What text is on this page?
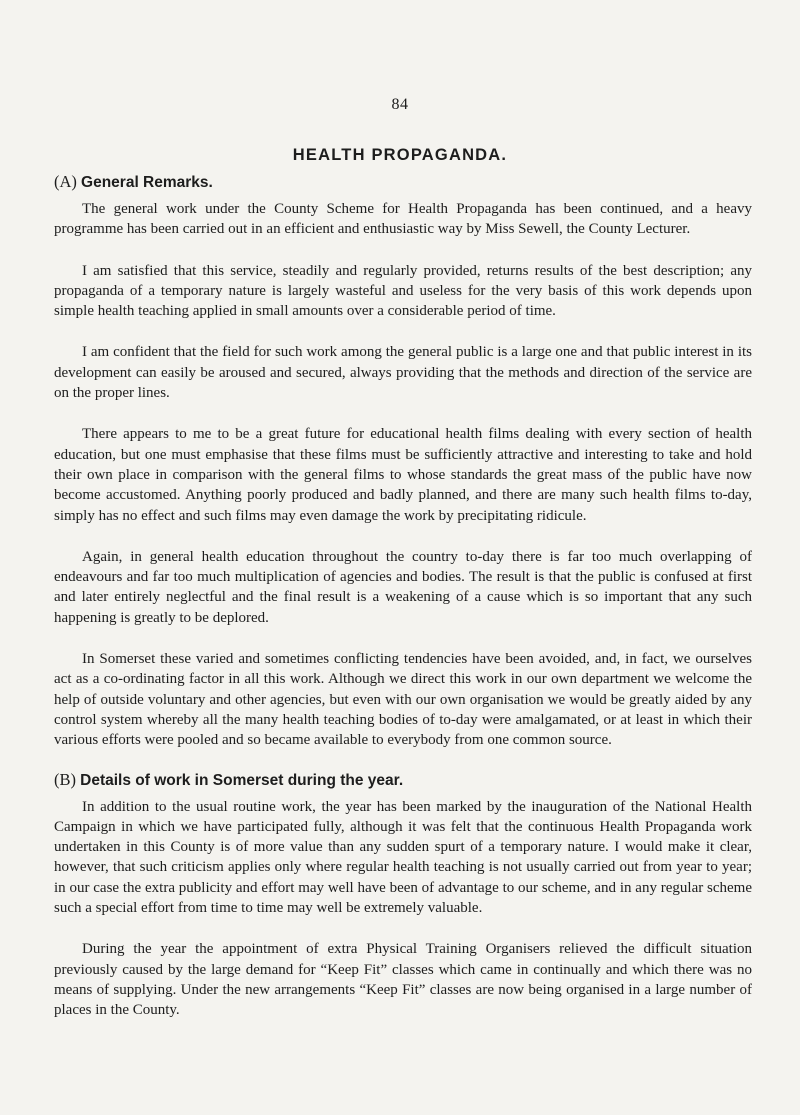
84
HEALTH PROPAGANDA.
(A) General Remarks.

The general work under the County Scheme for Health Propaganda has been continued, and a heavy programme has been carried out in an efficient and enthusiastic way by Miss Sewell, the County Lecturer.

I am satisfied that this service, steadily and regularly provided, returns results of the best description; any propaganda of a temporary nature is largely wasteful and useless for the very basis of this work depends upon simple health teaching applied in small amounts over a considerable period of time.

I am confident that the field for such work among the general public is a large one and that public interest in its development can easily be aroused and secured, always providing that the methods and direction of the service are on the proper lines.

There appears to me to be a great future for educational health films dealing with every section of health education, but one must emphasise that these films must be sufficiently attractive and interesting to take and hold their own place in comparison with the general films to whose standards the great mass of the public have now become accustomed. Anything poorly produced and badly planned, and there are many such health films to-day, simply has no effect and such films may even damage the work by precipitating ridicule.

Again, in general health education throughout the country to-day there is far too much overlapping of endeavours and far too much multiplication of agencies and bodies. The result is that the public is confused at first and later entirely neglectful and the final result is a weakening of a cause which is so important that any such happening is greatly to be deplored.

In Somerset these varied and sometimes conflicting tendencies have been avoided, and, in fact, we ourselves act as a co-ordinating factor in all this work. Although we direct this work in our own department we welcome the help of outside voluntary and other agencies, but even with our own organisation we would be greatly aided by any control system whereby all the many health teaching bodies of to-day were amalgamated, or at least in which their various efforts were pooled and so became available to everybody from one common source.

(B) Details of work in Somerset during the year.

In addition to the usual routine work, the year has been marked by the inauguration of the National Health Campaign in which we have participated fully, although it was felt that the continuous Health Propaganda work undertaken in this County is of more value than any sudden spurt of a temporary nature. I would make it clear, however, that such criticism applies only where regular health teaching is not usually carried out from year to year; in our case the extra publicity and effort may well have been of advantage to our scheme, and in any regular scheme such a special effort from time to time may well be extremely valuable.

During the year the appointment of extra Physical Training Organisers relieved the difficult situation previously caused by the large demand for “Keep Fit” classes which came in continually and which there was no means of supplying. Under the new arrangements “Keep Fit” classes are now being organised in a large number of places in the County.
